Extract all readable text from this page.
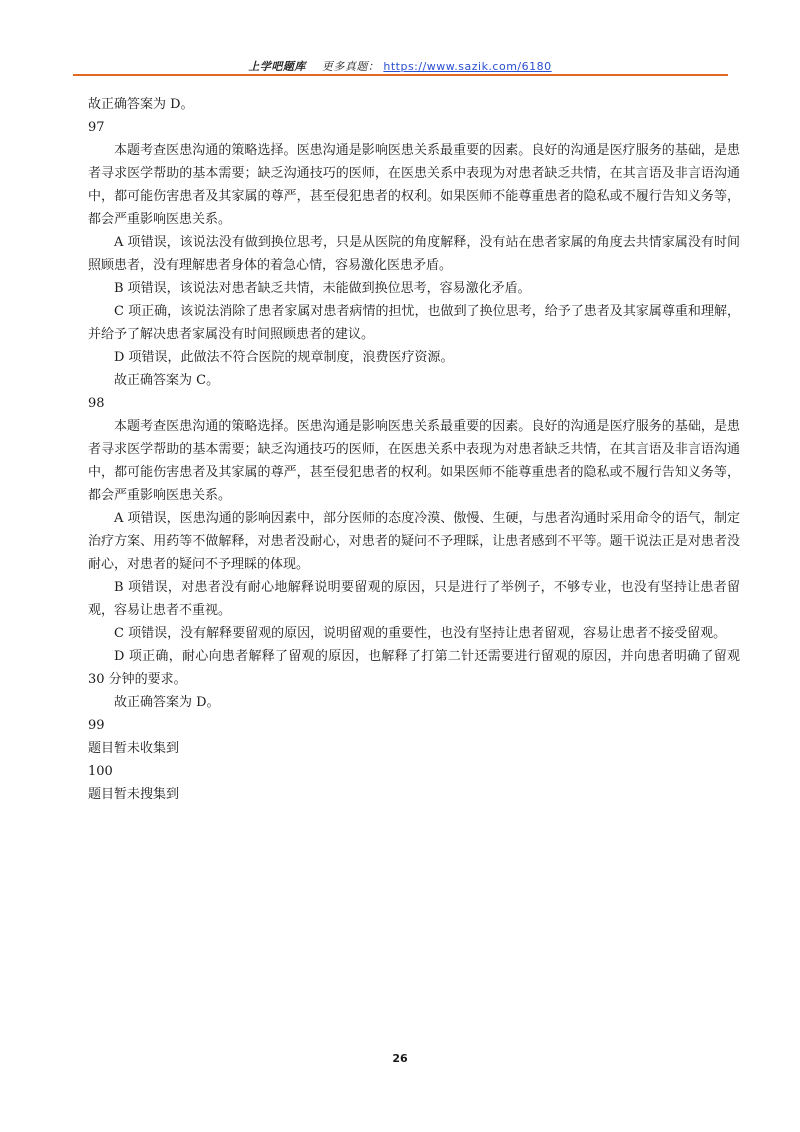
上学吧题库 更多真题： https://www.sazik.com/6180
故正确答案为 D。
97
本题考查医患沟通的策略选择。医患沟通是影响医患关系最重要的因素。良好的沟通是医疗服务的基础，是患者寻求医学帮助的基本需要；缺乏沟通技巧的医师，在医患关系中表现为对患者缺乏共情，在其言语及非言语沟通中，都可能伤害患者及其家属的尊严，甚至侵犯患者的权利。如果医师不能尊重患者的隐私或不履行告知义务等，都会严重影响医患关系。
A 项错误，该说法没有做到换位思考，只是从医院的角度解释，没有站在患者家属的角度去共情家属没有时间照顾患者，没有理解患者身体的着急心情，容易激化医患矛盾。
B 项错误，该说法对患者缺乏共情，未能做到换位思考，容易激化矛盾。
C 项正确，该说法消除了患者家属对患者病情的担忧，也做到了换位思考，给予了患者及其家属尊重和理解，并给予了解决患者家属没有时间照顾患者的建议。
D 项错误，此做法不符合医院的规章制度，浪费医疗资源。
故正确答案为 C。
98
本题考查医患沟通的策略选择。医患沟通是影响医患关系最重要的因素。良好的沟通是医疗服务的基础，是患者寻求医学帮助的基本需要；缺乏沟通技巧的医师，在医患关系中表现为对患者缺乏共情，在其言语及非言语沟通中，都可能伤害患者及其家属的尊严，甚至侵犯患者的权利。如果医师不能尊重患者的隐私或不履行告知义务等，都会严重影响医患关系。
A 项错误，医患沟通的影响因素中，部分医师的态度冷漠、傲慢、生硬，与患者沟通时采用命令的语气，制定治疗方案、用药等不做解释，对患者没耐心，对患者的疑问不予理睬，让患者感到不平等。题干说法正是对患者没耐心，对患者的疑问不予理睬的体现。
B 项错误，对患者没有耐心地解释说明要留观的原因，只是进行了举例子，不够专业，也没有坚持让患者留观，容易让患者不重视。
C 项错误，没有解释要留观的原因，说明留观的重要性，也没有坚持让患者留观，容易让患者不接受留观。
D 项正确，耐心向患者解释了留观的原因，也解释了打第二针还需要进行留观的原因，并向患者明确了留观 30 分钟的要求。
故正确答案为 D。
99
题目暂未收集到
100
题目暂未搜集到
26
